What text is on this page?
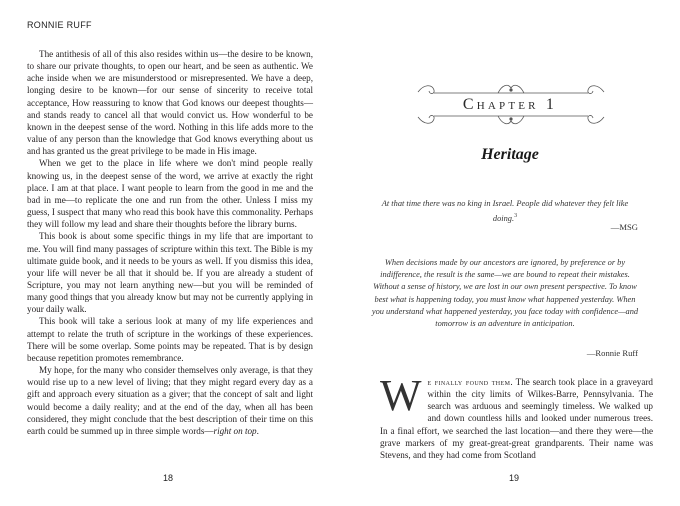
RONNIE RUFF

The antithesis of all of this also resides within us—the desire to be known, to share our private thoughts, to open our heart, and be seen as authentic. We ache inside when we are misunderstood or misrepresented. We have a deep, longing desire to be known—for our sense of sincerity to receive total acceptance, How reassuring to know that God knows our deepest thoughts—and stands ready to cancel all that would convict us. How wonderful to be known in the deepest sense of the word. Nothing in this life adds more to the value of any person than the knowledge that God knows everything about us and has granted us the great privilege to be made in His image.

When we get to the place in life where we don't mind people really knowing us, in the deepest sense of the word, we arrive at exactly the right place. I am at that place. I want people to learn from the good in me and the bad in me—to replicate the one and run from the other. Unless I miss my guess, I suspect that many who read this book have this commonality. Perhaps they will follow my lead and share their thoughts before the library burns.

This book is about some specific things in my life that are important to me. You will find many passages of scripture within this text. The Bible is my ultimate guide book, and it needs to be yours as well. If you dismiss this idea, your life will never be all that it should be. If you are already a student of Scripture, you may not learn anything new—but you will be reminded of many good things that you already know but may not be currently applying in your daily walk.

This book will take a serious look at many of my life experiences and attempt to relate the truth of scripture in the workings of these experiences. There will be some overlap. Some points may be repeated. That is by design because repetition promotes remembrance.

My hope, for the many who consider themselves only average, is that they would rise up to a new level of living; that they might regard every day as a gift and approach every situation as a giver; that the concept of salt and light would become a daily reality; and at the end of the day, when all has been considered, they might conclude that the best description of their time on this earth could be summed up in three simple words—right on top.

18
Chapter 1
Heritage
At that time there was no king in Israel. People did whatever they felt like doing.$^3$
—MSG
When decisions made by our ancestors are ignored, by preference or by indifference, the result is the same—we are bound to repeat their mistakes. Without a sense of history, we are lost in our own present perspective. To know best what is happening today, you must know what happened yesterday. When you understand what happened yesterday, you face today with confidence—and tomorrow is an adventure in anticipation.
—Ronnie Ruff
We finally found them. The search took place in a graveyard within the city limits of Wilkes-Barre, Pennsylvania. The search was arduous and seemingly timeless. We walked up and down countless hills and looked under numerous trees. In a final effort, we searched the last location—and there they were—the grave markers of my great-great-great grandparents. Their name was Stevens, and they had come from Scotland
19
